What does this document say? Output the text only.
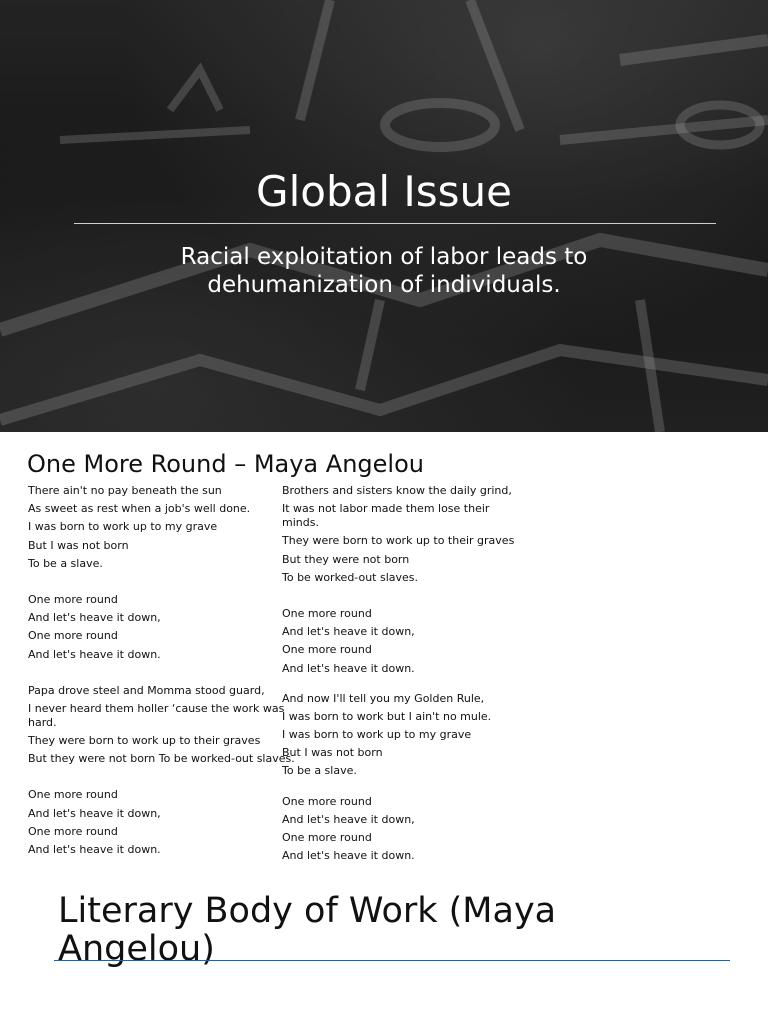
Global Issue
Racial exploitation of labor leads to
dehumanization of individuals.
One More Round – Maya Angelou

There ain't no pay beneath the sun

As sweet as rest when a job's well done.

I was born to work up to my grave

But I was not born

To be a slave.

One more round

And let's heave it down,

One more round

And let's heave it down.

Papa drove steel and Momma stood guard,

I never heard them holler ‘cause the work was hard.

They were born to work up to their graves

But they were not born To be worked-out slaves.

One more round

And let's heave it down,

One more round

And let's heave it down.

Brothers and sisters know the daily grind,

It was not labor made them lose their minds.

They were born to work up to their graves

But they were not born

To be worked-out slaves.

One more round

And let's heave it down,

One more round

And let's heave it down.

And now I'll tell you my Golden Rule,

I was born to work but I ain't no mule.

I was born to work up to my grave

But I was not born

To be a slave.

One more round

And let's heave it down,

One more round

And let's heave it down.

Literary Body of Work (Maya
Angelou)
